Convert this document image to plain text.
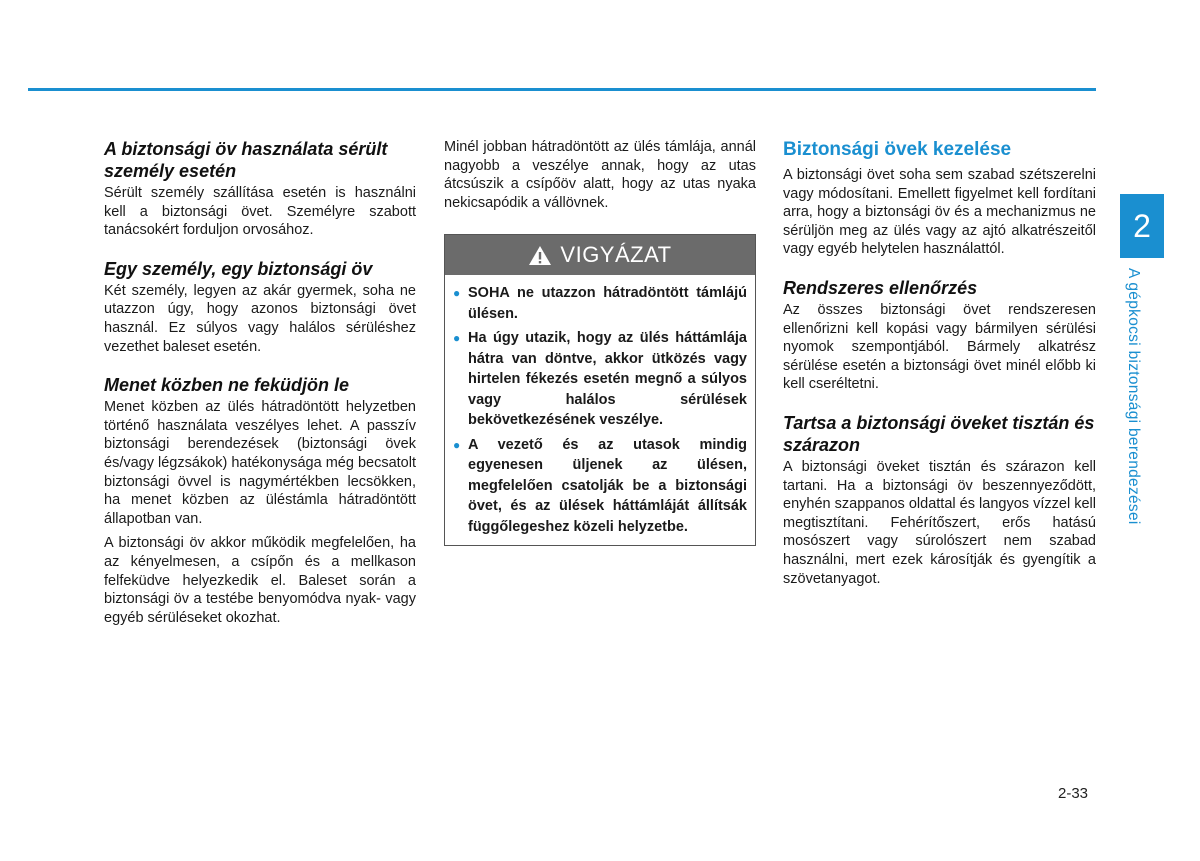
A biztonsági öv használata sérült személy esetén

Sérült személy szállítása esetén is használni kell a biztonsági övet. Személyre szabott tanácsokért forduljon orvosához.

Egy személy, egy biztonsági öv

Két személy, legyen az akár gyermek, soha ne utazzon úgy, hogy azonos biztonsági övet használ. Ez súlyos vagy halálos sérüléshez vezethet baleset esetén.

Menet közben ne feküdjön le

Menet közben az ülés hátradöntött helyzetben történő használata veszélyes lehet. A passzív biztonsági berendezések (biztonsági övek és/vagy légzsákok) hatékonysága még becsatolt biztonsági övvel is nagymértékben lecsökken, ha menet közben az üléstámla hátradöntött állapotban van.

A biztonsági öv akkor működik megfelelően, ha az kényelmesen, a csípőn és a mellkason felfeküdve helyezkedik el. Baleset során a biztonsági öv a testébe benyomódva nyak- vagy egyéb sérüléseket okozhat.

Minél jobban hátradöntött az ülés támlája, annál nagyobb a veszélye annak, hogy az utas átcsúszik a csípőöv alatt, hogy az utas nyaka nekicsapódik a vállövnek.

VIGYÁZAT
● SOHA ne utazzon hátradöntött támlájú ülésen.
● Ha úgy utazik, hogy az ülés háttámlája hátra van döntve, akkor ütközés vagy hirtelen fékezés esetén megnő a súlyos vagy halálos sérülések bekövetkezésének veszélye.
● A vezető és az utasok mindig egyenesen üljenek az ülésen, megfelelően csatolják be a biztonsági övet, és az ülések háttámláját állítsák függőlegeshez közeli helyzetbe.
Biztonsági övek kezelése

A biztonsági övet soha sem szabad szétszerelni vagy módosítani. Emellett figyelmet kell fordítani arra, hogy a biztonsági öv és a mechanizmus ne sérüljön meg az ülés vagy az ajtó alkatrészeitől vagy egyéb helytelen használattól.

Rendszeres ellenőrzés

Az összes biztonsági övet rendszeresen ellenőrizni kell kopási vagy bármilyen sérülési nyomok szempontjából. Bármely alkatrész sérülése esetén a biztonsági övet minél előbb ki kell cseréltetni.

Tartsa a biztonsági öveket tisztán és szárazon

A biztonsági öveket tisztán és szárazon kell tartani. Ha a biztonsági öv beszennyeződött, enyhén szappanos oldattal és langyos vízzel kell megtisztítani. Fehérítőszert, erős hatású mosószert vagy súrolószert nem szabad használni, mert ezek károsítják és gyengítik a szövetanyagot.

2
A gépkocsi biztonsági berendezései
2-33
